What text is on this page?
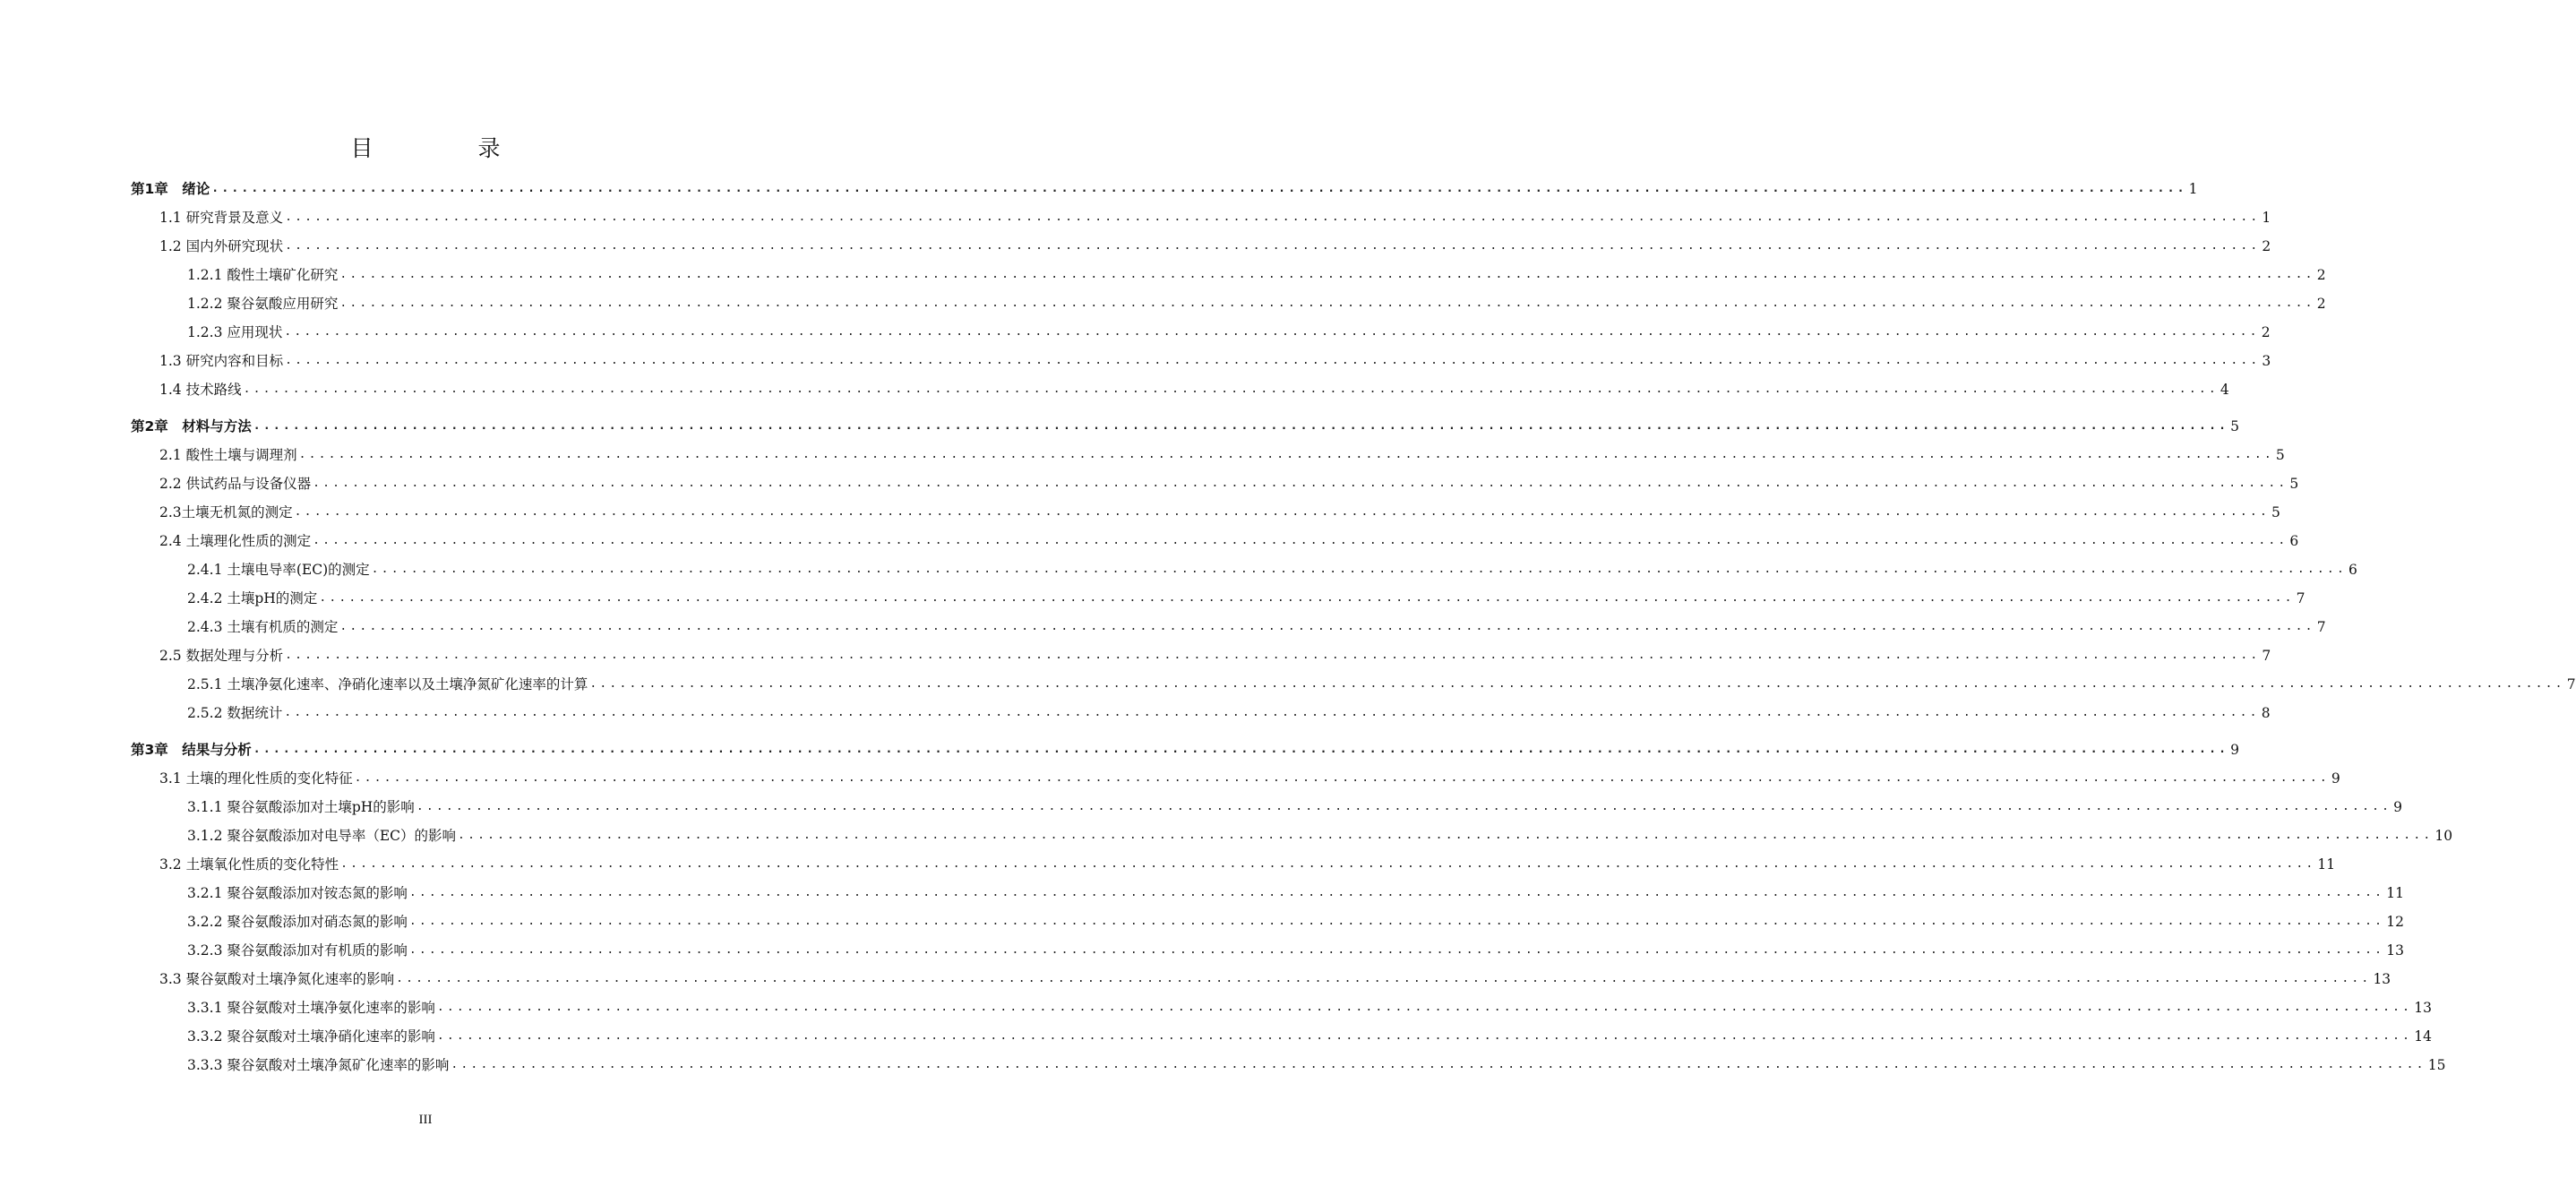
目　录
第1章　绪论 ........................................................................................................................................................................................................ 1
1.1 研究背景及意义 ........................................................................................................................................................................................................ 1
1.2 国内外研究现状 ........................................................................................................................................................................................................ 2
1.2.1 酸性土壤矿化研究 ........................................................................................................................................................................................................ 2
1.2.2 聚谷氨酸应用研究 ........................................................................................................................................................................................................ 2
1.2.3 应用现状 ........................................................................................................................................................................................................ 2
1.3 研究内容和目标 ........................................................................................................................................................................................................ 3
1.4 技术路线 ........................................................................................................................................................................................................ 4
第2章　材料与方法 ........................................................................................................................................................................................................ 5
2.1 酸性土壤与调理剂 ........................................................................................................................................................................................................ 5
2.2 供试药品与设备仪器 ........................................................................................................................................................................................................ 5
2.3土壤无机氮的测定 ........................................................................................................................................................................................................ 5
2.4 土壤理化性质的测定 ........................................................................................................................................................................................................ 6
2.4.1 土壤电导率(EC)的测定 ........................................................................................................................................................................................................ 6
2.4.2 土壤pH的测定 ........................................................................................................................................................................................................ 7
2.4.3 土壤有机质的测定 ........................................................................................................................................................................................................ 7
2.5 数据处理与分析 ........................................................................................................................................................................................................ 7
2.5.1 土壤净氨化速率、净硝化速率以及土壤净氮矿化速率的计算 ........................................................................................................................................................................................................ 7
2.5.2 数据统计 ........................................................................................................................................................................................................ 8
第3章　结果与分析 ........................................................................................................................................................................................................ 9
3.1 土壤的理化性质的变化特征 ........................................................................................................................................................................................................ 9
3.1.1 聚谷氨酸添加对土壤pH的影响 ........................................................................................................................................................................................................ 9
3.1.2 聚谷氨酸添加对电导率（EC）的影响 ........................................................................................................................................................................................................ 10
3.2 土壤氧化性质的变化特性 ........................................................................................................................................................................................................ 11
3.2.1 聚谷氨酸添加对铵态氮的影响 ........................................................................................................................................................................................................ 11
3.2.2 聚谷氨酸添加对硝态氮的影响 ........................................................................................................................................................................................................ 12
3.2.3 聚谷氨酸添加对有机质的影响 ........................................................................................................................................................................................................ 13
3.3 聚谷氨酸对土壤净氮化速率的影响 ........................................................................................................................................................................................................ 13
3.3.1 聚谷氨酸对土壤净氨化速率的影响 ........................................................................................................................................................................................................ 13
3.3.2 聚谷氨酸对土壤净硝化速率的影响 ........................................................................................................................................................................................................ 14
3.3.3 聚谷氨酸对土壤净氮矿化速率的影响 ........................................................................................................................................................................................................ 15
III
